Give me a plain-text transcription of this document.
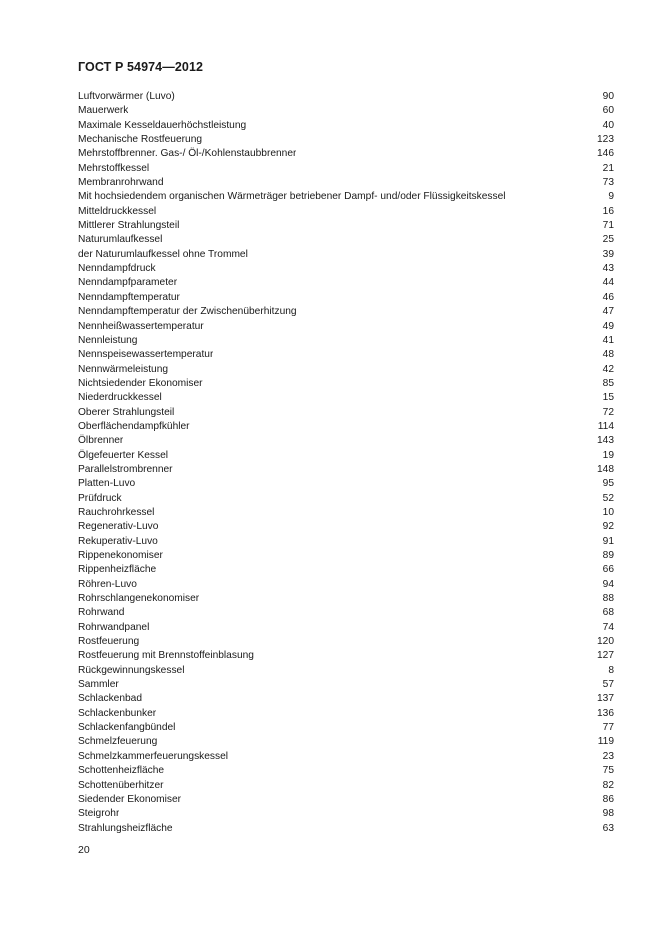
ГОСТ Р 54974—2012
Luftvorwärmer (Luvo)	90
Mauerwerk	60
Maximale Kesseldauerhöchstleistung	40
Mechanische Rostfeuerung	123
Mehrstoffbrenner. Gas-/ Öl-/Kohlenstaubbrenner	146
Mehrstoffkessel	21
Membranrohrwand	73
Mit hochsiedendem organischen Wärmeträger betriebener Dampf- und/oder Flüssigkeitskessel	9
Mitteldruckkessel	16
Mittlerer Strahlungsteil	71
Naturumlaufkessel	25
der Naturumlaufkessel ohne Trommel	39
Nenndampfdruck	43
Nenndampfparameter	44
Nenndampftemperatur	46
Nenndampftemperatur der Zwischenüberhitzung	47
Nennheißwassertemperatur	49
Nennleistung	41
Nennspeisewassertemperatur	48
Nennwärmeleistung	42
Nichtsiedender Ekonomiser	85
Niederdruckkessel	15
Oberer Strahlungsteil	72
Oberflächendampfkühler	114
Ölbrenner	143
Ölgefeuerter Kessel	19
Parallelstrombrenner	148
Platten-Luvo	95
Prüfdruck	52
Rauchrohrkessel	10
Regenerativ-Luvo	92
Rekuperativ-Luvo	91
Rippenekonomiser	89
Rippenheizfläche	66
Röhren-Luvo	94
Rohrschlangenekonomiser	88
Rohrwand	68
Rohrwandpanel	74
Rostfeuerung	120
Rostfeuerung mit Brennstoffeinblasung	127
Rückgewinnungskessel	8
Sammler	57
Schlackenbad	137
Schlackenbunker	136
Schlackenfangbündel	77
Schmelzfeuerung	119
Schmelzkammerfeuerungskessel	23
Schottenheizfläche	75
Schottenüberhitzer	82
Siedender Ekonomiser	86
Steigrohr	98
Strahlungsheizfläche	63
20
